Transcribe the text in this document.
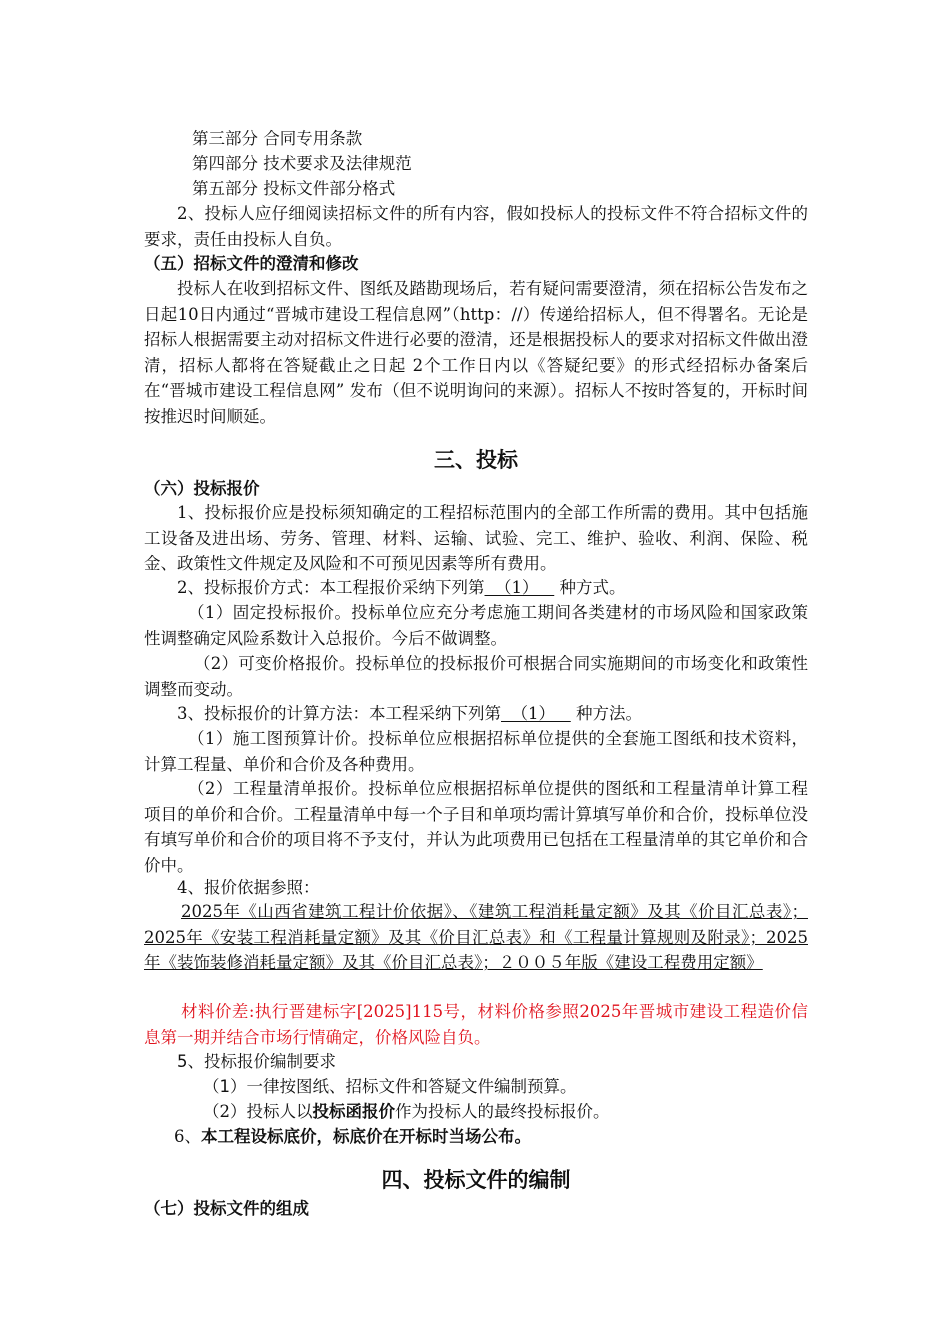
第三部分 合同专用条款
第四部分 技术要求及法律规范
第五部分 投标文件部分格式
2、投标人应仔细阅读招标文件的所有内容，假如投标人的投标文件不符合招标文件的要求，责任由投标人自负。
（五）招标文件的澄清和修改
投标人在收到招标文件、图纸及踏勘现场后，若有疑问需要澄清，须在招标公告发布之日起10日内通过“晋城市建设工程信息网”（http：//）传递给招标人，但不得署名。无论是招标人根据需要主动对招标文件进行必要的澄清，还是根据投标人的要求对招标文件做出澄清，招标人都将在答疑截止之日起 2个工作日内以《答疑纪要》的形式经招标办备案后在“晋城市建设工程信息网” 发布（但不说明询问的来源）。招标人不按时答复的，开标时间按推迟时间顺延。
三、投标
（六）投标报价
1、投标报价应是投标须知确定的工程招标范围内的全部工作所需的费用。其中包括施工设备及进出场、劳务、管理、材料、运输、试验、完工、维护、验收、利润、保险、税金、政策性文件规定及风险和不可预见因素等所有费用。
2、投标报价方式：本工程报价采纳下列第 （1） 种方式。
（1）固定投标报价。投标单位应充分考虑施工期间各类建材的市场风险和国家政策性调整确定风险系数计入总报价。今后不做调整。
（2）可变价格报价。投标单位的投标报价可根据合同实施期间的市场变化和政策性调整而变动。
3、投标报价的计算方法：本工程采纳下列第 （1） 种方法。
（1）施工图预算计价。投标单位应根据招标单位提供的全套施工图纸和技术资料，计算工程量、单价和合价及各种费用。
（2）工程量清单报价。投标单位应根据招标单位提供的图纸和工程量清单计算工程项目的单价和合价。工程量清单中每一个子目和单项均需计算填写单价和合价，投标单位没有填写单价和合价的项目将不予支付，并认为此项费用已包括在工程量清单的其它单价和合价中。
4、报价依据参照：
2025年《山西省建筑工程计价依据》、《建筑工程消耗量定额》及其《价目汇总表》；2025年《安装工程消耗量定额》及其《价目汇总表》和《工程量计算规则及附录》；2025年《装饰装修消耗量定额》及其《价目汇总表》；２００５年版《建设工程费用定额》
材料价差:执行晋建标字[2025]115号，材料价格参照2025年晋城市建设工程造价信息第一期并结合市场行情确定，价格风险自负。
5、投标报价编制要求
（1）一律按图纸、招标文件和答疑文件编制预算。
（2）投标人以投标函报价作为投标人的最终投标报价。
6、本工程设标底价，标底价在开标时当场公布。
四、投标文件的编制
（七）投标文件的组成
